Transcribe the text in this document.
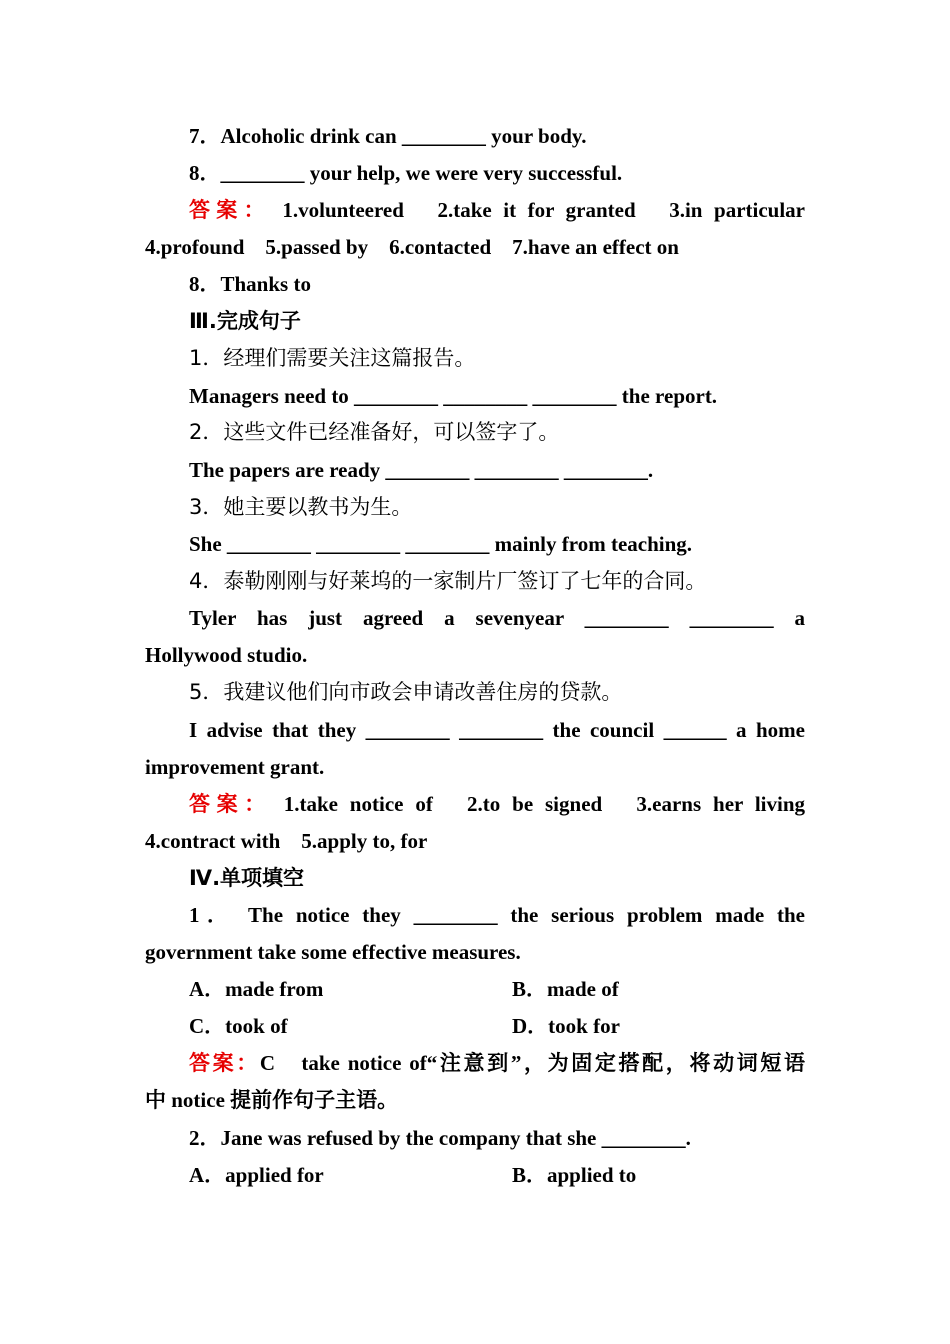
7．Alcoholic drink can ________ your body.
8．________ your help, we were very successful.
答案： 1.volunteered　2.take it for granted　3.in particular
4.profound　5.passed by　6.contacted　7.have an effect on
8．Thanks to
Ⅲ.完成句子
1．经理们需要关注这篇报告。
Managers need to ________ ________ ________ the report.
2．这些文件已经准备好，可以签字了。
The papers are ready ________ ________ ________.
3．她主要以教书为生。
She ________ ________ ________ mainly from teaching.
4．泰勒刚刚与好莱坞的一家制片厂签订了七年的合同。
Tyler has just agreed a sevenyear ________ ________ a
Hollywood studio.
5．我建议他们向市政会申请改善住房的贷款。
I advise that they ________ ________ the council ______ a home
improvement grant.
答案： 1.take notice of　2.to be signed　3.earns her living
4.contract with　5.apply to, for
Ⅳ.单项填空
1． The notice they ________ the serious problem made the
government take some effective measures.
A．made from	B．made of
C．took of	D．took for
答案：C　take notice of“注意到”，为固定搭配，将动词短语
中 notice 提前作句子主语。
2．Jane was refused by the company that she ________.
A．applied for	B．applied to
